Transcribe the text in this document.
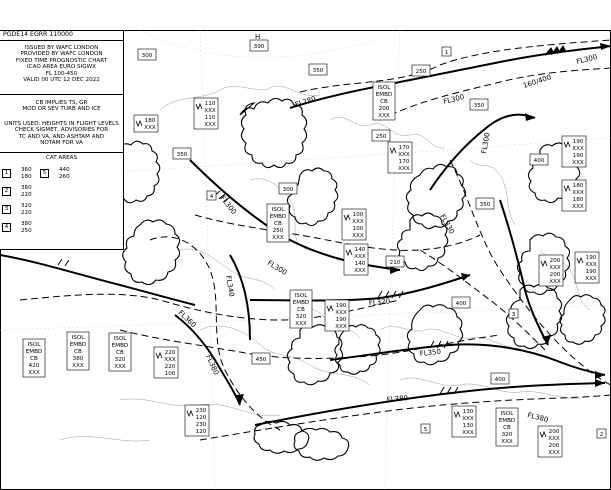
300
390
350	250
350
400
350
300
250
350
210
400
450
400
H
FL300
FL280	FL300
FL300
FL340
FL360
FL380
FL300
FL350
FL380
FL380
FL330
FL320
FL300
160/400
110
XXX
110
XXX
180
XXX
170
XXX
170
XXX
100
XXX
100
XXX
140
XXX
140
XXX
190
XXX
190
XXX
220
XXX
220
100
230
120
230
120
130
XXX
130
XXX
190
XXX
190
XXX
180
XXX
180
XXX
200
XXX
200
XXX
190
XXX
190
XXX
200
XXX
200
XXX
ISOL
EMBD
CB
200
XXX
ISOL
EMBD
CB
250
XXX
ISOL
EMBD
CB
320
XXX
ISOL
EMBD
CB
420
XXX
ISOL
EMBD
CB
380
XXX
ISOL
EMBD
CB
320
XXX
ISOL
EMBD
CB
320
XXX
1
2
3
4
5
PGDE14 EGRR 110000
ISSUED BY WAFC LONDON
PROVIDED BY WAFC LONDON
FIXED TIME PROGNOSTIC CHART
ICAO AREA EURO SIGWX
FL 100-450
VALID 00 UTC 12 DEC 2022
CB IMPLIES TS, GR
MOD OR SEV TURB AND ICE
UNITS USED: HEIGHTS IN FLIGHT LEVELS
CHECK SIGMET, ADVISORIES FOR
TC AND VA, AND ASHTAM AND
NOTAM FOR VA
CAT AREAS
1	360
180
2	360
220
3	320
220
4	380
250
5	440
260
